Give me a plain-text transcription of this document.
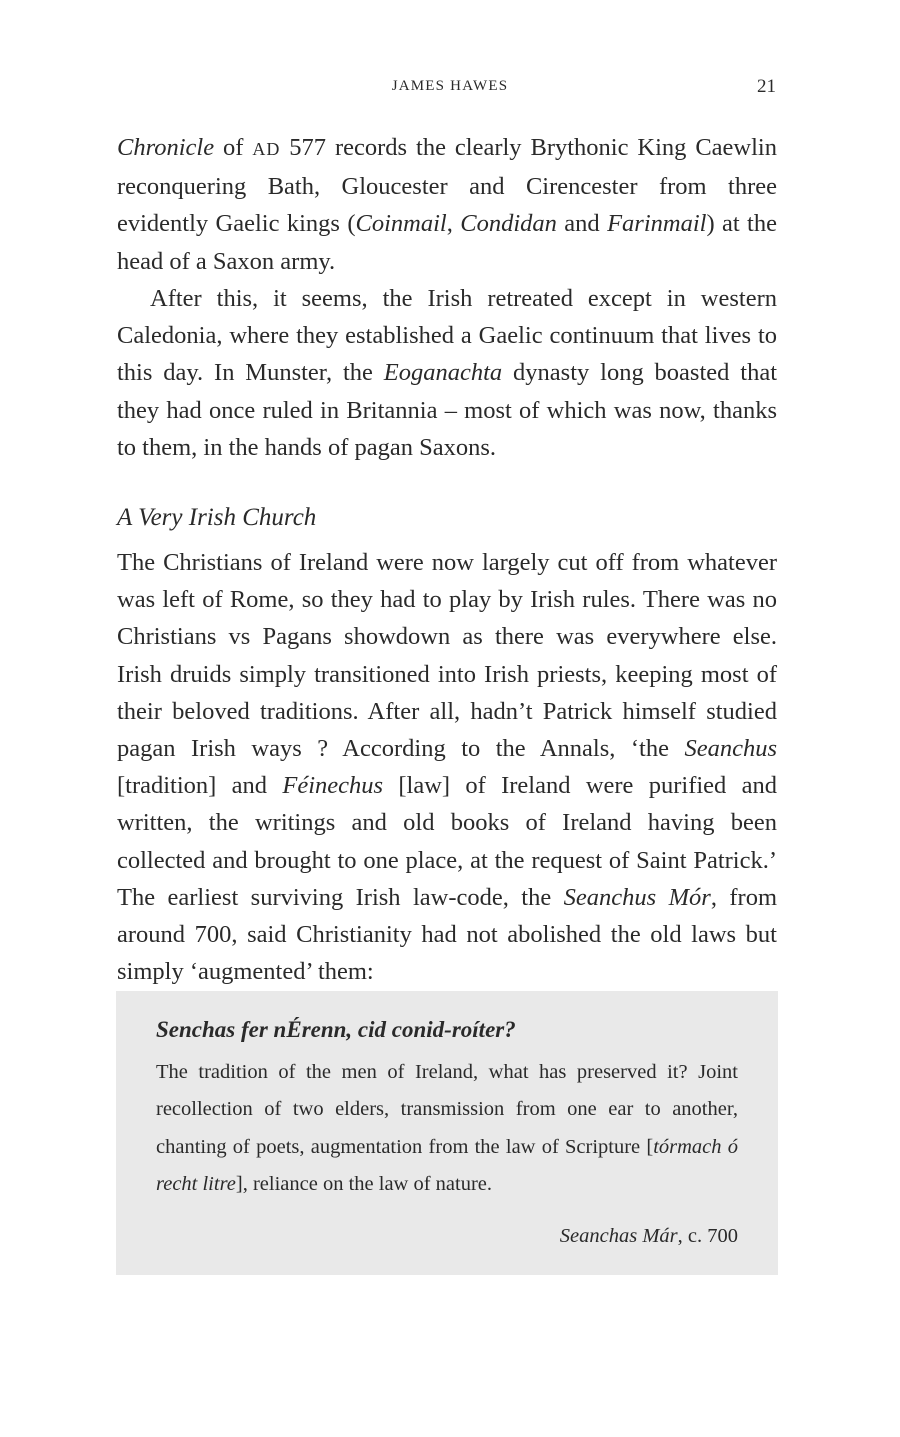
JAMES HAWES	21

Chronicle of AD 577 records the clearly Brythonic King Caewlin reconquering Bath, Gloucester and Cirencester from three evidently Gaelic kings (Coinmail, Condidan and Farinmail) at the head of a Saxon army.

After this, it seems, the Irish retreated except in western Caledonia, where they established a Gaelic continuum that lives to this day. In Munster, the Eoganachta dynasty long boasted that they had once ruled in Britannia – most of which was now, thanks to them, in the hands of pagan Saxons.

A Very Irish Church

The Christians of Ireland were now largely cut off from whatever was left of Rome, so they had to play by Irish rules. There was no Christians vs Pagans showdown as there was everywhere else. Irish druids simply transitioned into Irish priests, keeping most of their beloved traditions. After all, hadn’t Patrick himself studied pagan Irish ways ? According to the Annals, ‘the Seanchus [tradition] and Féinechus [law] of Ireland were purified and written, the writings and old books of Ireland having been collected and brought to one place, at the request of Saint Patrick.’ The earliest surviving Irish law-code, the Seanchus Mór, from around 700, said Christianity had not abolished the old laws but simply ‘augmented’ them:

Senchas fer nÉrenn, cid conid-roíter?

The tradition of the men of Ireland, what has preserved it? Joint recollection of two elders, transmission from one ear to another, chanting of poets, augmentation from the law of Scripture [tórmach ó recht litre], reliance on the law of nature.

Seanchas Már, c. 700
